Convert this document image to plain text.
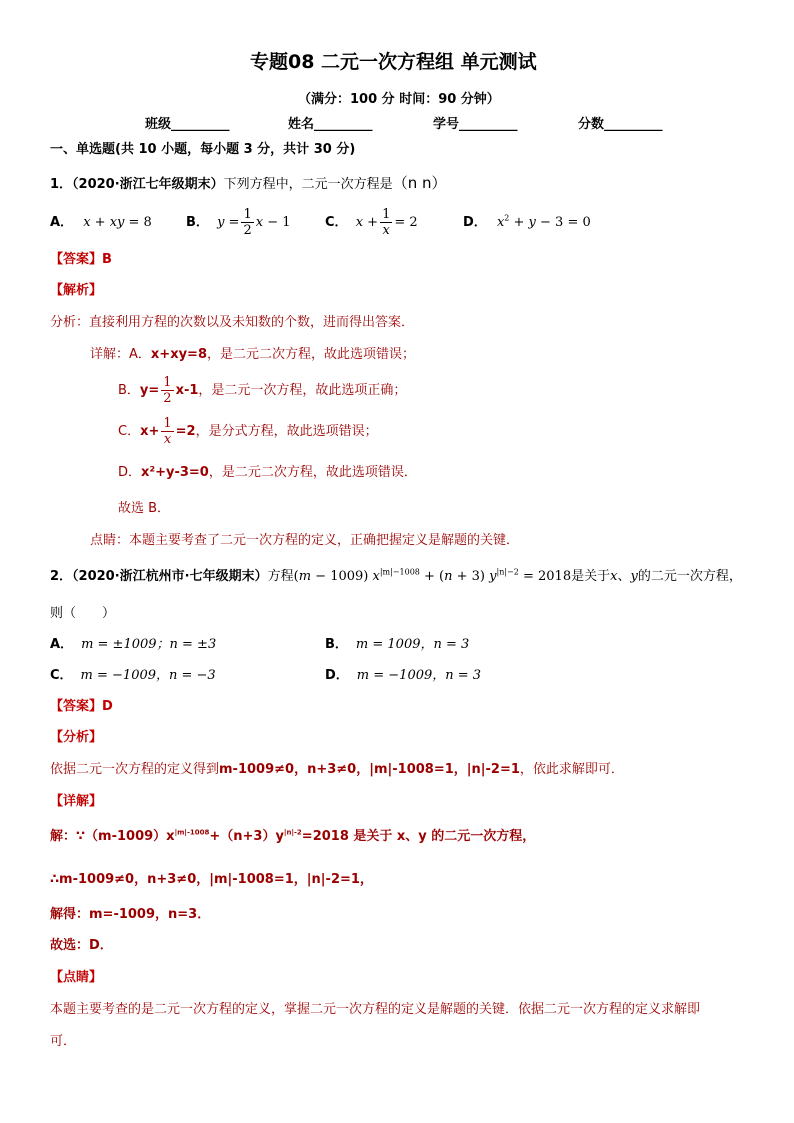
专题08 二元一次方程组 单元测试
（满分：100 分 时间：90 分钟）
班级_________	姓名_________	学号_________	分数_________
一、单选题(共 10 小题，每小题 3 分，共计 30 分)
1．（2020·浙江七年级期末）下列方程中，二元一次方程是（n n）
A． x + xy = 8	B． $y = \frac{1}{2}$ x − 1	C． $x + \frac{1}{x} = 2$	D． $x^2 + y - 3 = 0$
【答案】B
【解析】
分析：直接利用方程的次数以及未知数的个数，进而得出答案．
详解：A．x+xy=8，是二元二次方程，故此选项错误；
B．$y= \frac{1}{2} x-1$，是二元一次方程，故此选项正确；
C．$x+ \frac{1}{x} =2$，是分式方程，故此选项错误；
D．x²+y-3=0，是二元二次方程，故此选项错误．
故选 B．
点睛：本题主要考查了二元一次方程的定义，正确把握定义是解题的关键．
2．（2020·浙江杭州市·七年级期末）方程(m − 1009) $x^{|m|-1008} + (n + 3) y^{|n|-2} = 2018$是关于x、y的二元一次方程，
则（　　）
A． m = ±1009；n = ±3	B． m = 1009，n = 3
C． m = −1009，n = −3	D． m = −1009，n = 3
【答案】D
【分析】
依据二元一次方程的定义得到m-1009≠0，n+3≠0，|m|-1008=1，|n|-2=1，依此求解即可．
【详解】
解：$\because(m-1009)x^{|m|-1008}+(n+3)y^{|n|-2}=2018$ 是关于 x、y 的二元一次方程，
∴m-1009≠0，n+3≠0，|m|-1008=1，|n|-2=1，
解得：m=-1009，n=3．
故选：D．
【点睛】
本题主要考查的是二元一次方程的定义，掌握二元一次方程的定义是解题的关键．依据二元一次方程的定义求解即
可．
